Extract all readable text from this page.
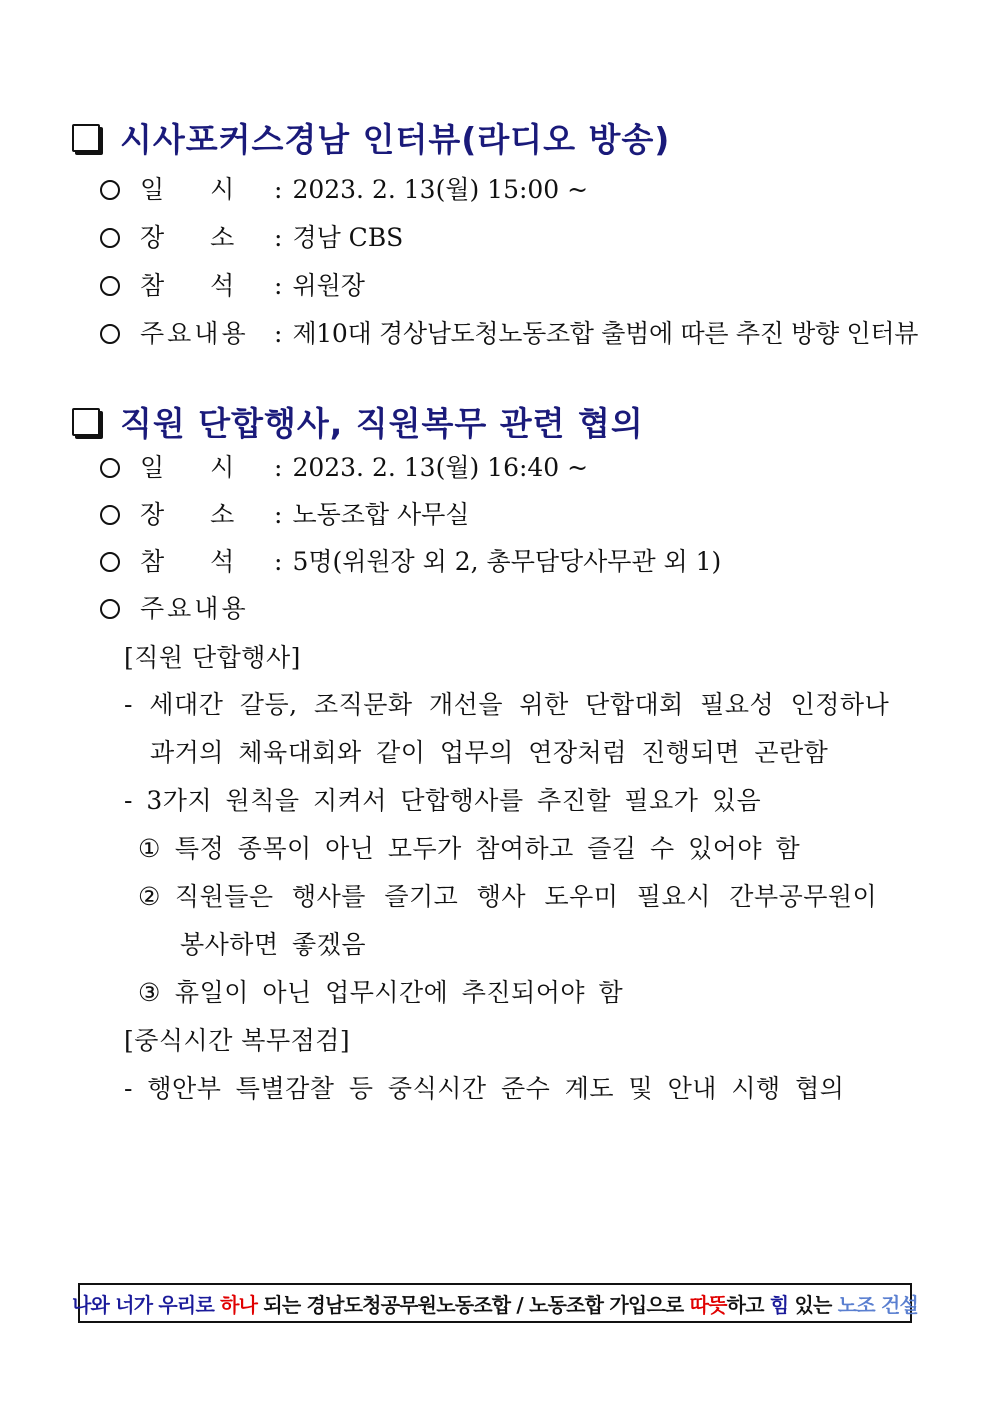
시사포커스경남 인터뷰(라디오 방송)
일 시 : 2023. 2. 13(월) 15:00 ~
장 소 : 경남 CBS
참 석 : 위원장
주요내용 : 제10대 경상남도청노동조합 출범에 따른 추진 방향 인터뷰
직원 단합행사, 직원복무 관련 협의
일 시 : 2023. 2. 13(월) 16:40 ~
장 소 : 노동조합 사무실
참 석 : 5명(위원장 외 2, 총무담당사무관 외 1)
주요내용
[직원 단합행사]
- 세대간 갈등, 조직문화 개선을 위한 단합대회 필요성 인정하나
과거의 체육대회와 같이 업무의 연장처럼 진행되면 곤란함
- 3가지 원칙을 지켜서 단합행사를 추진할 필요가 있음
① 특정 종목이 아닌 모두가 참여하고 즐길 수 있어야 함
② 직원들은 행사를 즐기고 행사 도우미 필요시 간부공무원이
봉사하면 좋겠음
③ 휴일이 아닌 업무시간에 추진되어야 함
[중식시간 복무점검]
- 행안부 특별감찰 등 중식시간 준수 계도 및 안내 시행 협의
나와 너가 우리로 하나 되는 경남도청공무원노동조합 / 노동조합 가입으로 따뜻 하고 힘 있는 노조 건설
